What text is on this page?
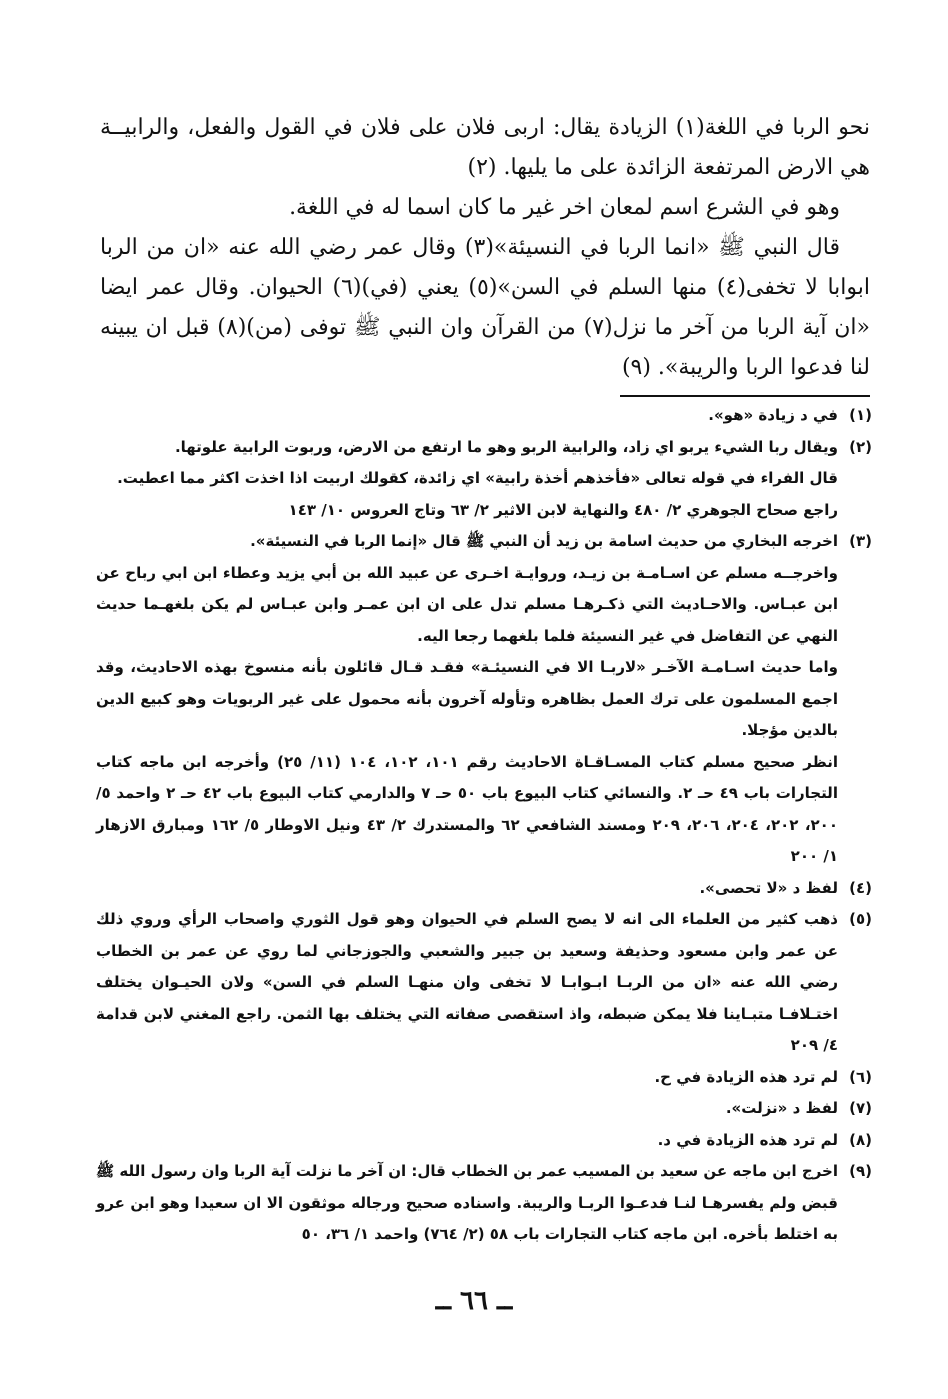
نحو الربا في اللغة(١) الزيادة يقال: اربى فلان على فلان في القول والفعل، والرابيــة هي الارض المرتفعة الزائدة على ما يليها. (٢)

وهو في الشرع اسم لمعان اخر غير ما كان اسما له في اللغة.

قال النبي ﷺ «انما الربا في النسيئة»(٣) وقال عمر رضي الله عنه «ان من الربا ابوابا لا تخفى(٤) منها السلم في السن»(٥) يعني (في)(٦) الحيوان. وقال عمر ايضا «ان آية الربا من آخر ما نزل(٧) من القرآن وان النبي ﷺ توفى (من)(٨) قبل ان يبينه لنا فدعوا الربا والريبة». (٩)

(١)

في د زيادة «هو».

(٢)

ويقال ربا الشيء يربو اي زاد، والرابية الربو وهو ما ارتفع من الارض، وربوت الرابية علوتها.

قال الفراء في قوله تعالى «فأخذهم أخذة رابية» اي زائدة، كقولك اربيت اذا اخذت اكثر مما اعطيت.

راجع صحاح الجوهري ٢/ ٤٨٠ والنهاية لابن الاثير ٢/ ٦٣ وتاج العروس ١٠/ ١٤٣

(٣)

اخرجه البخاري من حديث اسامة بن زيد أن النبي ﷺ قال «إنما الربا في النسيئة».

واخرجــه مسلم عن اسـامـة بن زيـد، وروايـة اخـرى عن عبيد الله بن أبي يزيد وعطاء ابن ابي رباح عن ابن عبـاس. والاحـاديث التي ذكـرهـا مسلم تدل على ان ابن عمـر وابن عبـاس لم يكن بلغهـما حديث النهي عن التفاضل في غير النسيئة فلما بلغهما رجعا اليه.

واما حديث اسـامـة الآخـر «لاربـا الا في النسيئـة» فقـد قـال قائلون بأنه منسوخ بهذه الاحاديث، وقد اجمع المسلمون على ترك العمل بظاهره وتأوله آخرون بأنه محمول على غير الربويات وهو كبيع الدين بالدين مؤجلا.

انظر صحيح مسلم كتاب المسـاقـاة الاحاديث رقم ١٠١، ١٠٢، ١٠٤ (١١/ ٢٥) وأخرجه ابن ماجه كتاب التجارات باب ٤٩ حـ ٢. والنسائي كتاب البيوع باب ٥٠ حـ ٧ والدارمي كتاب البيوع باب ٤٢ حـ ٢ واحمد ٥/ ٢٠٠، ٢٠٢، ٢٠٤، ٢٠٦، ٢٠٩ ومسند الشافعي ٦٢ والمستدرك ٢/ ٤٣ ونيل الاوطار ٥/ ١٦٢ ومبارق الازهار ١/ ٢٠٠

(٤)

لفظ د «لا تحصى».

(٥)

ذهب كثير من العلماء الى انه لا يصح السلم في الحيوان وهو قول الثوري واصحاب الرأي وروي ذلك عن عمر وابن مسعود وحذيفة وسعيد بن جبير والشعبي والجوزجاني لما روي عن عمر بن الخطاب رضي الله عنه «ان من الربـا ابـوابـا لا تخفى وان منهـا السلم في السن» ولان الحيـوان يختلف اختـلافـا متبـاينا فلا يمكن ضبطه، واذ استقصى صفاته التي يختلف بها الثمن. راجع المغني لابن قدامة ٤/ ٢٠٩

(٦)

لم ترد هذه الزيادة في ح.

(٧)

لفظ د «نزلت».

(٨)

لم ترد هذه الزيادة في د.

(٩)

اخرج ابن ماجه عن سعيد بن المسيب عمر بن الخطاب قال: ان آخر ما نزلت آية الربا وان رسول الله ﷺ قبض ولم يفسرهـا لنـا فدعـوا الربـا والريبة. واسناده صحيح ورجاله موثقون الا ان سعيدا وهو ابن عرو به اختلط بأخره. ابن ماجه كتاب التجارات باب ٥٨ (٢/ ٧٦٤) واحمد ١/ ٣٦، ٥٠

ــ ٦٦ ــ
